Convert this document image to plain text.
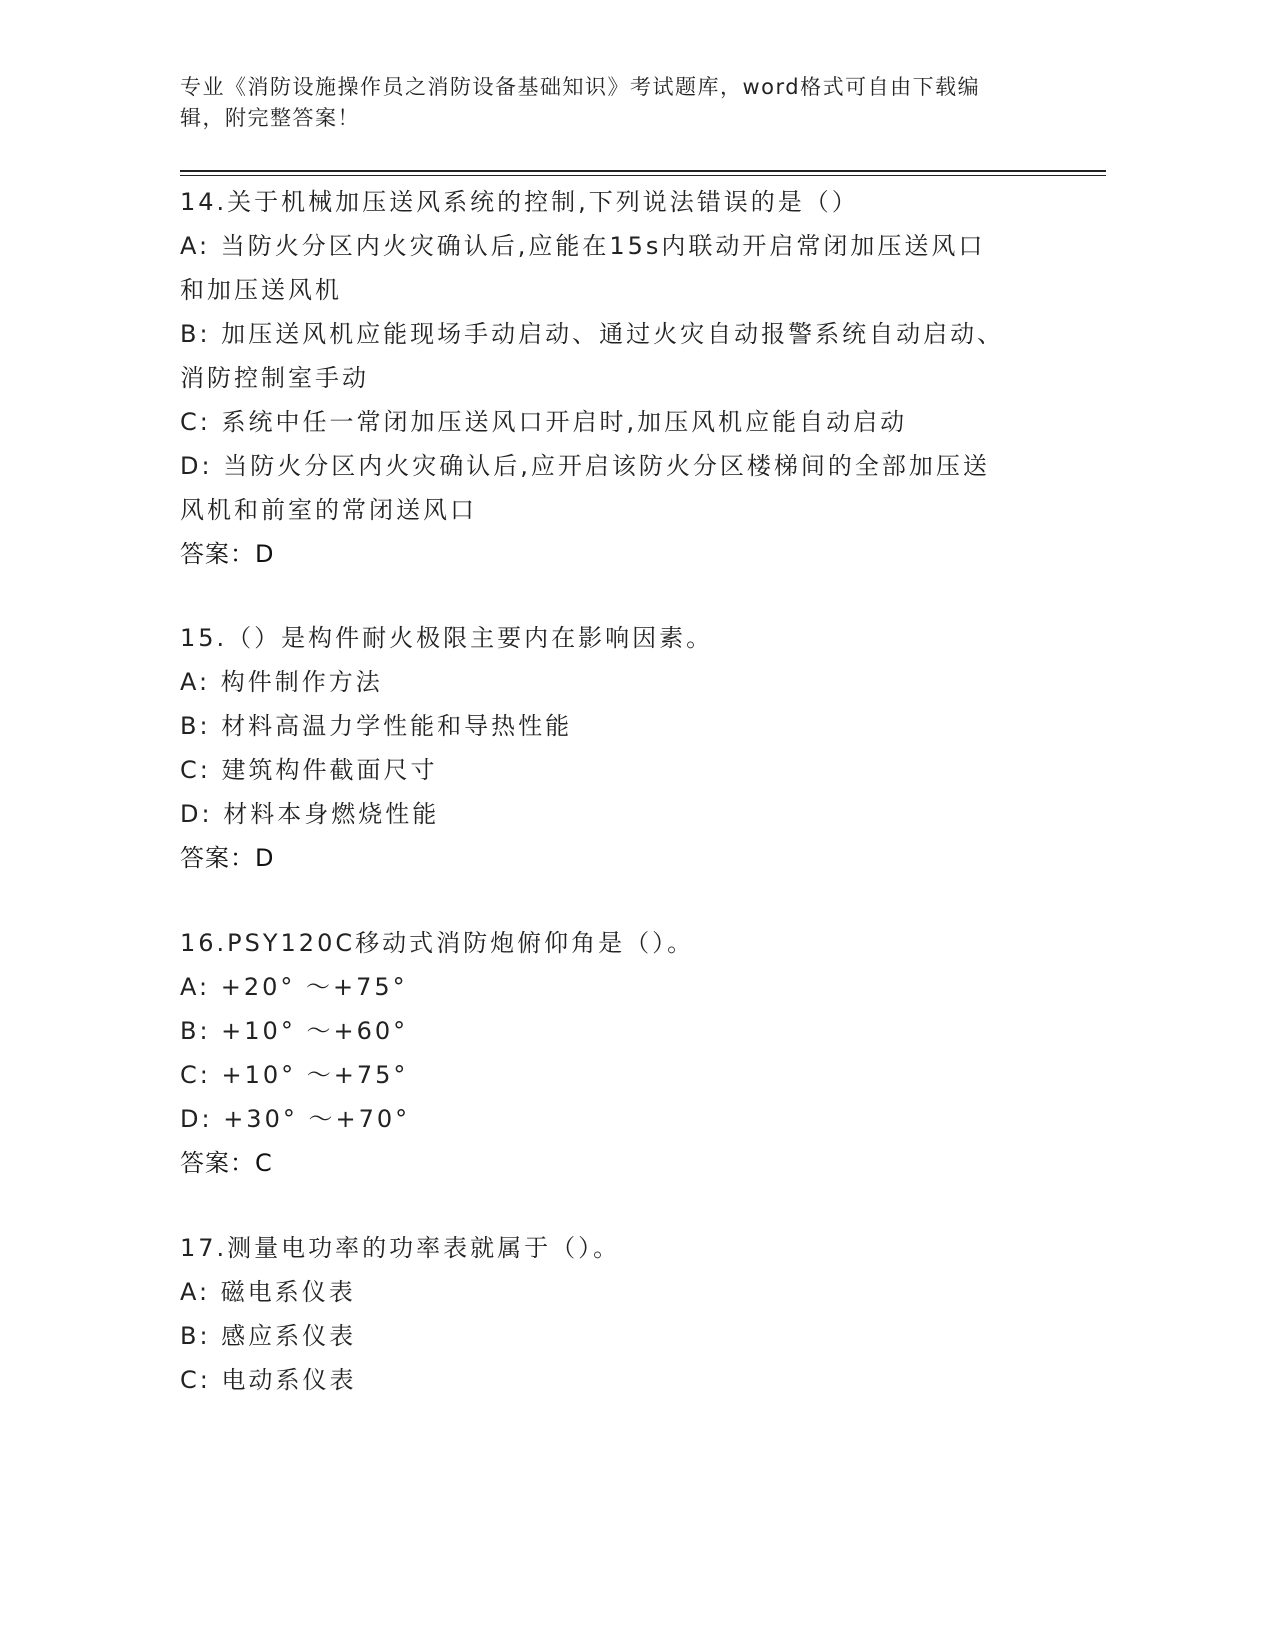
专业《消防设施操作员之消防设备基础知识》考试题库，word格式可自由下载编
辑，附完整答案！
14.关于机械加压送风系统的控制,下列说法错误的是（）
A: 当防火分区内火灾确认后,应能在15s内联动开启常闭加压送风口
和加压送风机
B: 加压送风机应能现场手动启动、通过火灾自动报警系统自动启动、
消防控制室手动
C: 系统中任一常闭加压送风口开启时,加压风机应能自动启动
D: 当防火分区内火灾确认后,应开启该防火分区楼梯间的全部加压送
风机和前室的常闭送风口
答案：D
15.（）是构件耐火极限主要内在影响因素。
A: 构件制作方法
B: 材料高温力学性能和导热性能
C: 建筑构件截面尺寸
D: 材料本身燃烧性能
答案：D
16.PSY120C移动式消防炮俯仰角是（）。
A: +20° ～+75°
B: +10° ～+60°
C: +10° ～+75°
D: +30° ～+70°
答案：C
17.测量电功率的功率表就属于（）。
A: 磁电系仪表
B: 感应系仪表
C: 电动系仪表
